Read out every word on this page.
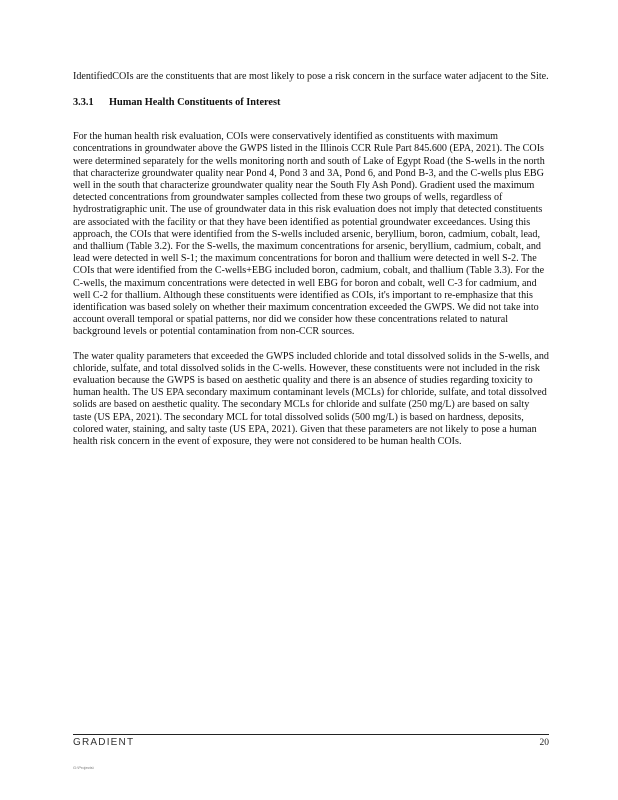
IdentifiedCOIs are the constituents that are most likely to pose a risk concern in the surface water adjacent to the Site.

3.3.1 Human Health Constituents of Interest

For the human health risk evaluation, COIs were conservatively identified as constituents with maximum concentrations in groundwater above the GWPS listed in the Illinois CCR Rule Part 845.600 (EPA, 2021). The COIs were determined separately for the wells monitoring north and south of Lake of Egypt Road (the S-wells in the north that characterize groundwater quality near Pond 4, Pond 3 and 3A, Pond 6, and Pond B-3, and the C-wells plus EBG well in the south that characterize groundwater quality near the South Fly Ash Pond). Gradient used the maximum detected concentrations from groundwater samples collected from these two groups of wells, regardless of hydrostratigraphic unit. The use of groundwater data in this risk evaluation does not imply that detected constituents are associated with the facility or that they have been identified as potential groundwater exceedances. Using this approach, the COIs that were identified from the S-wells included arsenic, beryllium, boron, cadmium, cobalt, lead, and thallium (Table 3.2). For the S-wells, the maximum concentrations for arsenic, beryllium, cadmium, cobalt, and lead were detected in well S-1; the maximum concentrations for boron and thallium were detected in well S-2. The COIs that were identified from the C-wells+EBG included boron, cadmium, cobalt, and thallium (Table 3.3). For the C-wells, the maximum concentrations were detected in well EBG for boron and cobalt, well C-3 for cadmium, and well C-2 for thallium. Although these constituents were identified as COIs, it's important to re-emphasize that this identification was based solely on whether their maximum concentration exceeded the GWPS. We did not take into account overall temporal or spatial patterns, nor did we consider how these concentrations related to natural background levels or potential contamination from non-CCR sources.

The water quality parameters that exceeded the GWPS included chloride and total dissolved solids in the S-wells, and chloride, sulfate, and total dissolved solids in the C-wells. However, these constituents were not included in the risk evaluation because the GWPS is based on aesthetic quality and there is an absence of studies regarding toxicity to human health. The US EPA secondary maximum contaminant levels (MCLs) for chloride, sulfate, and total dissolved solids are based on aesthetic quality. The secondary MCLs for chloride and sulfate (250 mg/L) are based on salty taste (US EPA, 2021). The secondary MCL for total dissolved solids (500 mg/L) is based on hardness, deposits, colored water, staining, and salty taste (US EPA, 2021). Given that these parameters are not likely to pose a human health risk concern in the event of exposure, they were not considered to be human health COIs.

GRADIENT	20
G:\Projects\
